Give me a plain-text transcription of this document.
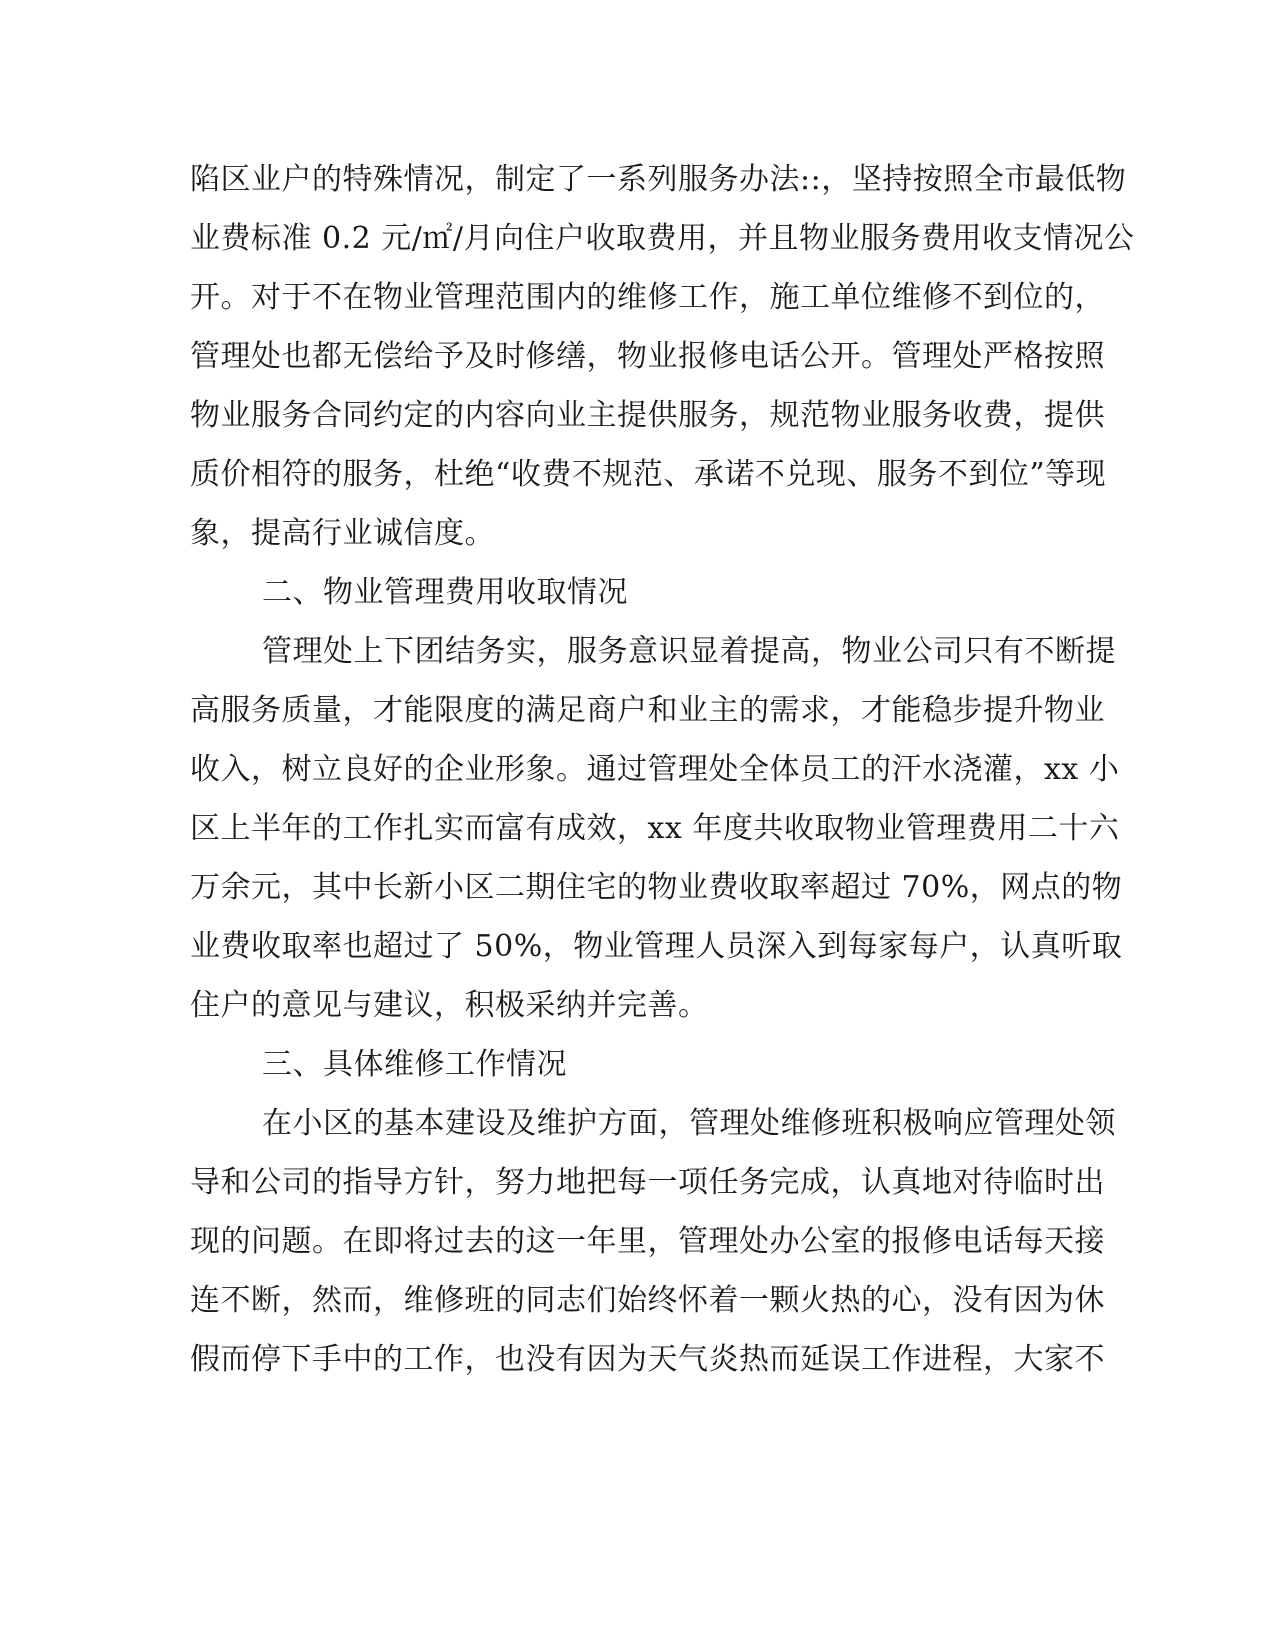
陷区业户的特殊情况，制定了一系列服务办法::，坚持按照全市最低物
业费标准 0.2 元/㎡/月向住户收取费用，并且物业服务费用收支情况公
开。对于不在物业管理范围内的维修工作，施工单位维修不到位的，
管理处也都无偿给予及时修缮，物业报修电话公开。管理处严格按照
物业服务合同约定的内容向业主提供服务，规范物业服务收费，提供
质价相符的服务，杜绝“收费不规范、承诺不兑现、服务不到位”等现
象，提高行业诚信度。
二、物业管理费用收取情况
管理处上下团结务实，服务意识显着提高，物业公司只有不断提
高服务质量，才能限度的满足商户和业主的需求，才能稳步提升物业
收入，树立良好的企业形象。通过管理处全体员工的汗水浇灌，xx 小
区上半年的工作扎实而富有成效，xx 年度共收取物业管理费用二十六
万余元，其中长新小区二期住宅的物业费收取率超过 70%，网点的物
业费收取率也超过了 50%，物业管理人员深入到每家每户，认真听取
住户的意见与建议，积极采纳并完善。
三、具体维修工作情况
在小区的基本建设及维护方面，管理处维修班积极响应管理处领
导和公司的指导方针，努力地把每一项任务完成，认真地对待临时出
现的问题。在即将过去的这一年里，管理处办公室的报修电话每天接
连不断，然而，维修班的同志们始终怀着一颗火热的心，没有因为休
假而停下手中的工作，也没有因为天气炎热而延误工作进程，大家不
